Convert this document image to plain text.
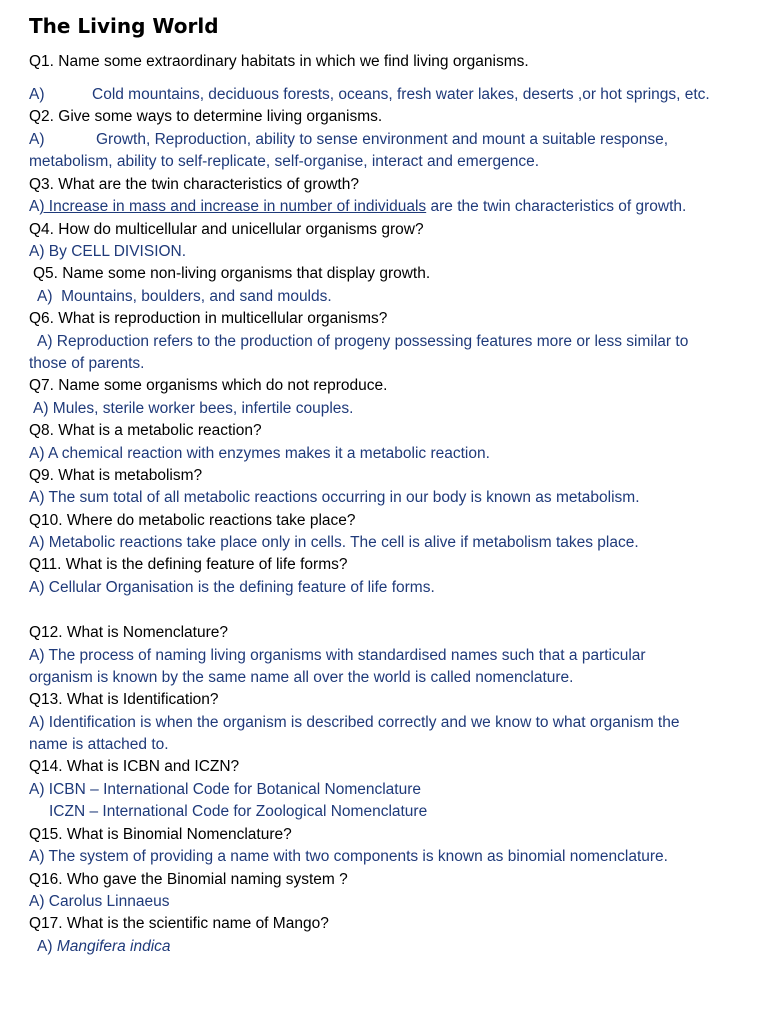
The Living World
Q1. Name some extraordinary habitats in which we find living organisms.
A)	Cold mountains, deciduous forests, oceans, fresh water lakes, deserts ,or hot springs, etc.
Q2. Give some ways to determine living organisms.
A)	Growth, Reproduction, ability to sense environment and mount a suitable response,
metabolism, ability to self-replicate, self-organise, interact and emergence.
Q3. What are the twin characteristics of growth?
A) Increase in mass and increase in number of individuals are the twin characteristics of growth.
Q4. How do multicellular and unicellular organisms grow?
A) By CELL DIVISION.
Q5. Name some non-living organisms that display growth.
A) Mountains, boulders, and sand moulds.
Q6. What is reproduction in multicellular organisms?
A) Reproduction refers to the production of progeny possessing features more or less similar to
those of parents.
Q7. Name some organisms which do not reproduce.
A) Mules, sterile worker bees, infertile couples.
Q8. What is a metabolic reaction?
A) A chemical reaction with enzymes makes it a metabolic reaction.
Q9. What is metabolism?
A) The sum total of all metabolic reactions occurring in our body is known as metabolism.
Q10. Where do metabolic reactions take place?
A) Metabolic reactions take place only in cells. The cell is alive if metabolism takes place.
Q11. What is the defining feature of life forms?
A) Cellular Organisation is the defining feature of life forms.
Q12. What is Nomenclature?
A) The process of naming living organisms with standardised names such that a particular
organism is known by the same name all over the world is called nomenclature.
Q13. What is Identification?
A) Identification is when the organism is described correctly and we know to what organism the
name is attached to.
Q14. What is ICBN and ICZN?
A) ICBN – International Code for Botanical Nomenclature
ICZN – International Code for Zoological Nomenclature
Q15. What is Binomial Nomenclature?
A) The system of providing a name with two components is known as binomial nomenclature.
Q16. Who gave the Binomial naming system ?
A) Carolus Linnaeus
Q17. What is the scientific name of Mango?
A) Mangifera indica
